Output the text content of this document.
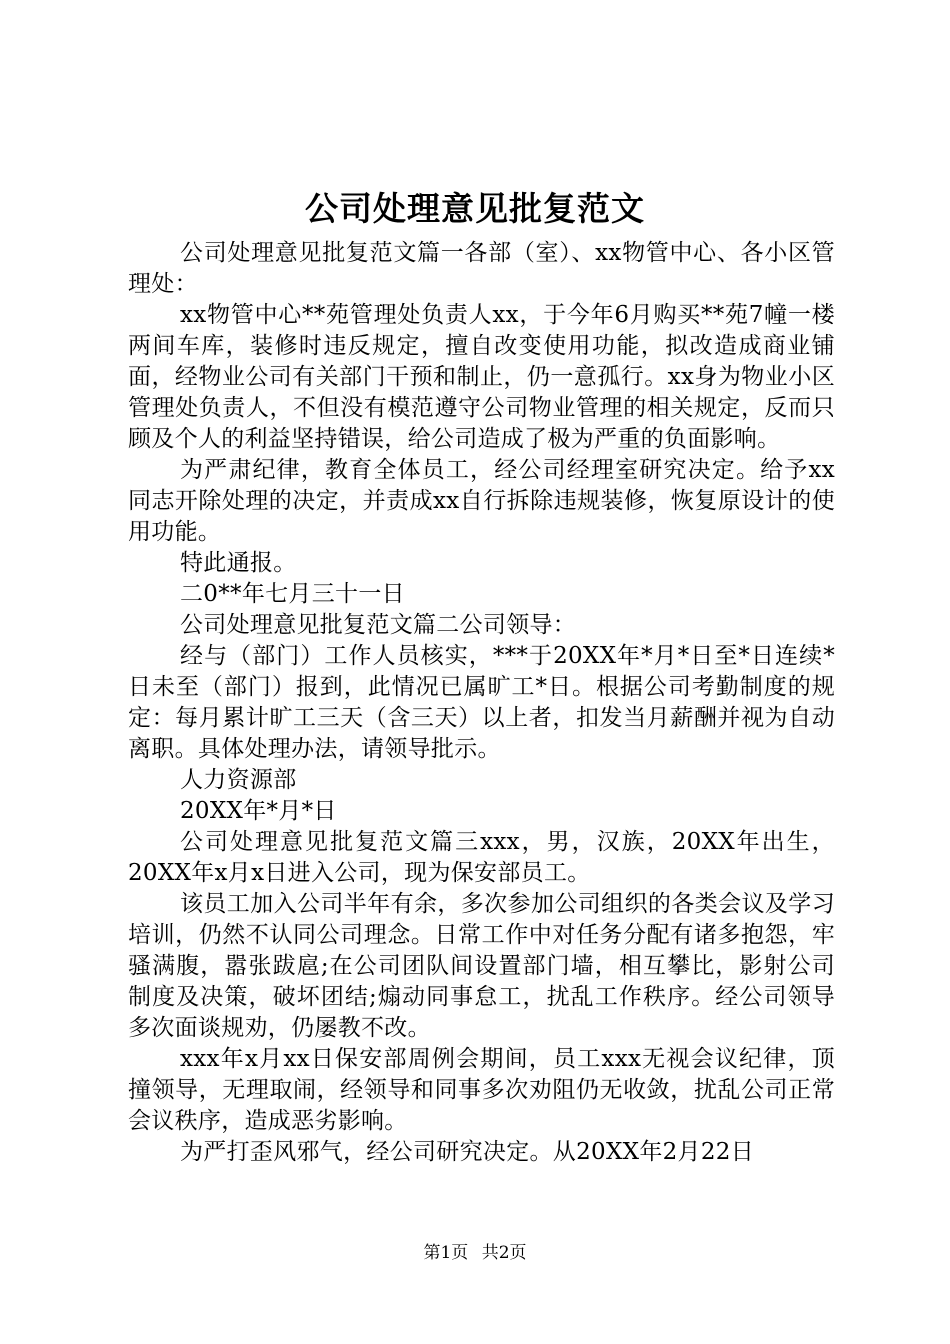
公司处理意见批复范文

公司处理意见批复范文篇一各部（室）、xx物管中心、各小区管理处：

xx物管中心**苑管理处负责人xx，于今年6月购买**苑7幢一楼两间车库，装修时违反规定，擅自改变使用功能，拟改造成商业铺面，经物业公司有关部门干预和制止，仍一意孤行。xx身为物业小区管理处负责人，不但没有模范遵守公司物业管理的相关规定，反而只顾及个人的利益坚持错误，给公司造成了极为严重的负面影响。

为严肃纪律，教育全体员工，经公司经理室研究决定。给予xx同志开除处理的决定，并责成xx自行拆除违规装修，恢复原设计的使用功能。

特此通报。

二0**年七月三十一日

公司处理意见批复范文篇二公司领导：

经与（部门）工作人员核实，***于20XX年*月*日至*日连续*日未至（部门）报到，此情况已属旷工*日。根据公司考勤制度的规定：每月累计旷工三天（含三天）以上者，扣发当月薪酬并视为自动离职。具体处理办法，请领导批示。

人力资源部

20XX年*月*日

公司处理意见批复范文篇三xxx，男，汉族，20XX年出生，20XX年x月x日进入公司，现为保安部员工。

该员工加入公司半年有余，多次参加公司组织的各类会议及学习培训，仍然不认同公司理念。日常工作中对任务分配有诸多抱怨，牢骚满腹，嚣张跋扈;在公司团队间设置部门墙，相互攀比，影射公司制度及决策，破坏团结;煽动同事怠工，扰乱工作秩序。经公司领导多次面谈规劝，仍屡教不改。

xxx年x月xx日保安部周例会期间，员工xxx无视会议纪律，顶撞领导，无理取闹，经领导和同事多次劝阻仍无收敛，扰乱公司正常会议秩序，造成恶劣影响。

为严打歪风邪气，经公司研究决定。从20XX年2月22日

第1页 共2页
